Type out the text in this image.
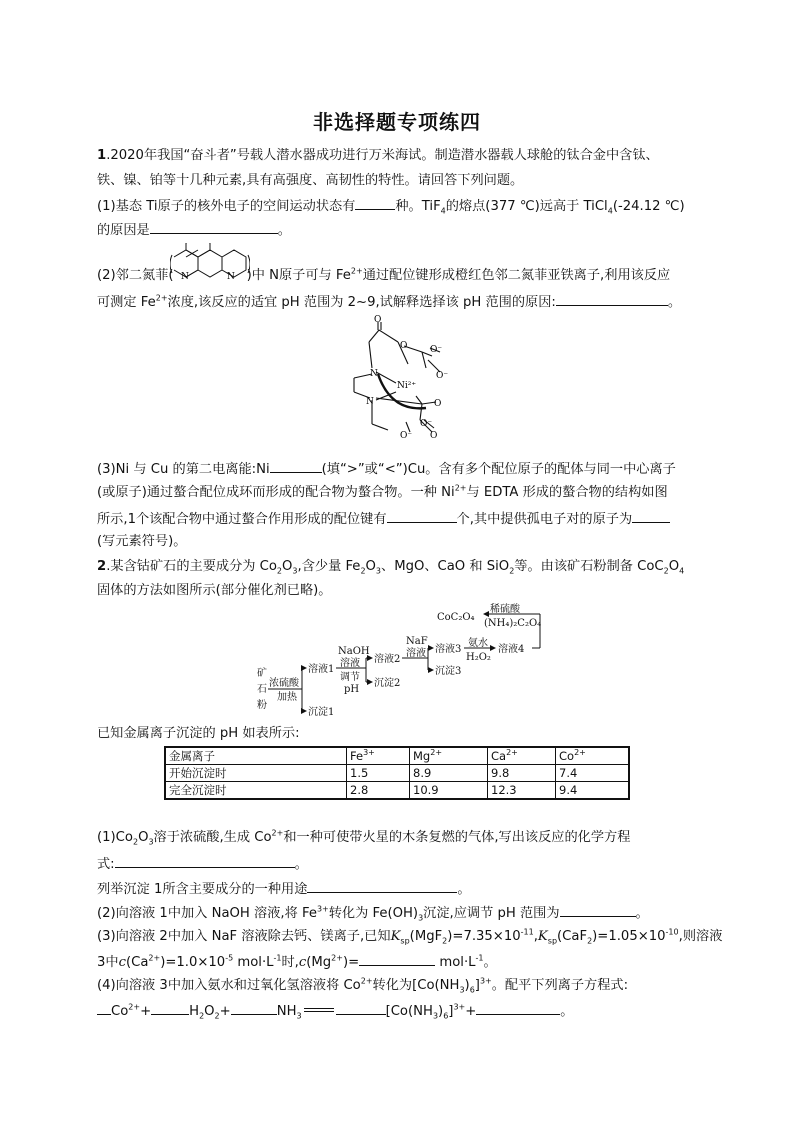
非选择题专项练四
1.2020年我国“奋斗者”号载人潜水器成功进行万米海试。制造潜水器载人球舱的钛合金中含钛、
铁、镍、铂等十几种元素,具有高强度、高韧性的特性。请回答下列问题。
(1)基态 Ti原子的核外电子的空间运动状态有	种。TiF$_4$的熔点(377 ℃)远高于 TiCl$_4$(-24.12 ℃)
的原因是	。
(2)邻二氮菲(	)中 N原子可与 $Fe^{2+}$通过配位键形成橙红色邻二氮菲亚铁离子,利用该反应
N	N
可测定 $Fe^{2+}$浓度,该反应的适宜 pH 范围为 2~9,试解释选择该 pH 范围的原因:	。
O
O	O⁻
N
Ni²⁺
O⁻
N	O
O⁻
O
O⁻
(3)Ni 与 Cu 的第二电离能:Ni	(填“>”或“<”)Cu。含有多个配位原子的配体与同一中心离子
(或原子)通过螯合配位成环而形成的配合物为螯合物。一种 $Ni^{2+}$与 EDTA 形成的螯合物的结构如图
所示,1个该配合物中通过螯合作用形成的配位键有	个,其中提供孤电子对的原子为
(写元素符号)。
2.某含钴矿石的主要成分为 $Co_2O_3$,含少量 $Fe_2O_3$、MgO、CaO 和 SiO$_2$等。由该矿石粉制备 $CoC_2O_4$
固体的方法如图所示(部分催化剂已略)。
矿
石
粉
浓硫酸
加热
溶液1
沉淀1
NaOH
溶液
调节
pH
溶液2
沉淀2
NaF
溶液 溶液3
沉淀3
氨水
H₂O₂
溶液4
稀硫酸
(NH₄)₂C₂O₄
CoC₂O₄
已知金属离子沉淀的 pH 如表所示:
金属离子	$Fe^{3+}$	$Mg^{2+}$	$Ca^{2+}$	$Co^{2+}$
开始沉淀时	1.5	8.9	9.8	7.4
完全沉淀时	2.8	10.9	12.3	9.4
$(1)Co_2O_3$溶于浓硫酸,生成 $Co^{2+}$和一种可使带火星的木条复燃的气体,写出该反应的化学方程
式:	。
列举沉淀 1所含主要成分的一种用途	。
(2)向溶液 1中加入 NaOH 溶液,将 $Fe^{3+}$转化为 $Fe(OH)_3$沉淀,应调节 pH 范围为	。
(3)向溶液 2中加入 NaF 溶液除去钙、镁离子,已知$K_{sp}(MgF_2)=7.35\times 10^{-11},K_{sp}(CaF_2)=1.05\times 10^{-10}$,则溶液
3中$c(Ca^{2+})=1.0\times 10^{-5}$ $mol\cdot L^{-1}$时$,c(Mg^{2+})=$	$mol\cdot L^{-1}$。
(4)向溶液 3中加入氨水和过氧化氢溶液将 $Co^{2+}$转化为$[Co(NH_3)_6]^{3+}$。配平下列离子方程式:
$Co^{2+}+$	$H_2O_2+$	$NH_3$	$[Co(NH_3)_6]^{3+}+$	。
